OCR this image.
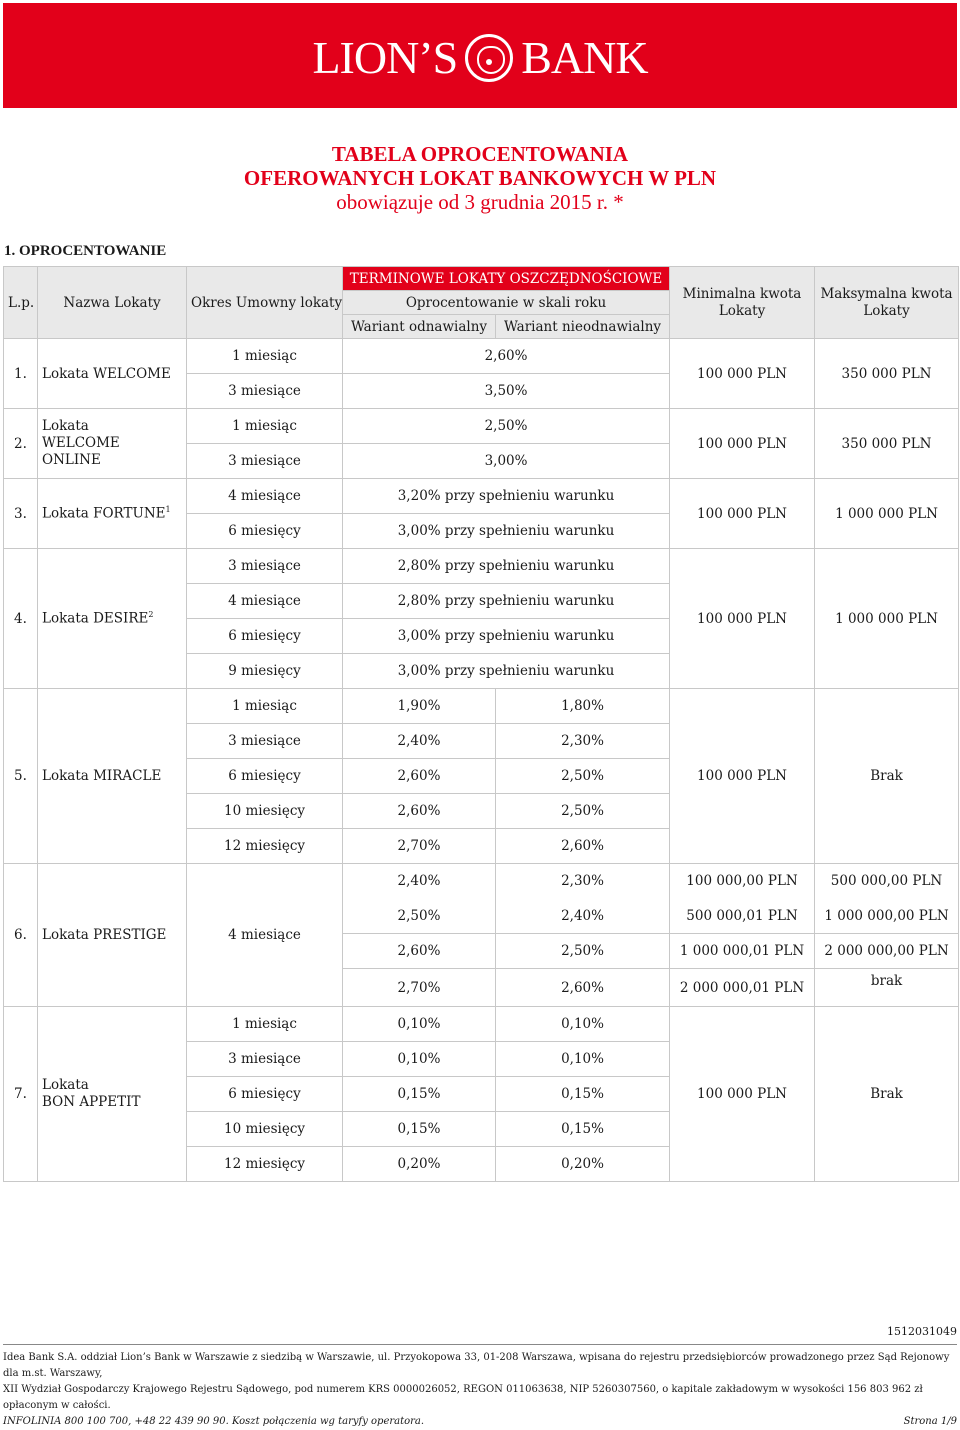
LION’S BANK
TABELA OPROCENTOWANIA
OFEROWANYCH LOKAT BANKOWYCH W PLN
obowiązuje od 3 grudnia 2015 r. *
1. OPROCENTOWANIE
L.p.	Nazwa Lokaty	Okres Umowny lokaty	TERMINOWE LOKATY OSZCZĘDNOŚCIOWE		Minimalna kwota Lokaty	Maksymalna kwota Lokaty
			Oprocentowanie w skali roku			
			Wariant odnawialny	Wariant nieodnawialny		
1.	Lokata WELCOME	1 miesiąc	2,60%		100 000 PLN	350 000 PLN
		3 miesiące	3,50%			
2.	Lokata
WELCOME ONLINE	1 miesiąc	2,50%		100 000 PLN	350 000 PLN
		3 miesiące	3,00%			
3.	Lokata FORTUNE$^1$	4 miesiące	3,20% przy spełnieniu warunku		100 000 PLN	1 000 000 PLN
		6 miesięcy	3,00% przy spełnieniu warunku			
4.	Lokata DESIRE$^2$	3 miesiące	2,80% przy spełnieniu warunku		100 000 PLN	1 000 000 PLN
		4 miesiące	2,80% przy spełnieniu warunku			
		6 miesięcy	3,00% przy spełnieniu warunku			
		9 miesięcy	3,00% przy spełnieniu warunku			
5.	Lokata MIRACLE	1 miesiąc	1,90%	1,80%	100 000 PLN	Brak
		3 miesiące	2,40%	2,30%		
		6 miesięcy	2,60%	2,50%		
		10 miesięcy	2,60%	2,50%		
		12 miesięcy	2,70%	2,60%		
6.	Lokata PRESTIGE	4 miesiące	2,40%	2,30%	100 000,00 PLN	500 000,00 PLN
			2,50%	2,40%	500 000,01 PLN	1 000 000,00 PLN
			2,60%	2,50%	1 000 000,01 PLN	2 000 000,00 PLN
			2,70%	2,60%	2 000 000,01 PLN	brak
7.	Lokata
BON APPETIT	1 miesiąc	0,10%	0,10%	100 000 PLN	Brak
		3 miesiące	0,10%	0,10%		
		6 miesięcy	0,15%	0,15%		
		10 miesięcy	0,15%	0,15%		
		12 miesięcy	0,20%	0,20%		
1512031049
Idea Bank S.A. oddział Lion’s Bank w Warszawie z siedzibą w Warszawie, ul. Przyokopowa 33, 01-208 Warszawa, wpisana do rejestru przedsiębiorców prowadzonego przez Sąd Rejonowy dla m.st. Warszawy,
XII Wydział Gospodarczy Krajowego Rejestru Sądowego, pod numerem KRS 0000026052, REGON 011063638, NIP 5260307560, o kapitale zakładowym w wysokości 156 803 962 zł opłaconym w całości.
INFOLINIA 800 100 700, +48 22 439 90 90. Koszt połączenia wg taryfy operatora.	Strona 1/9
